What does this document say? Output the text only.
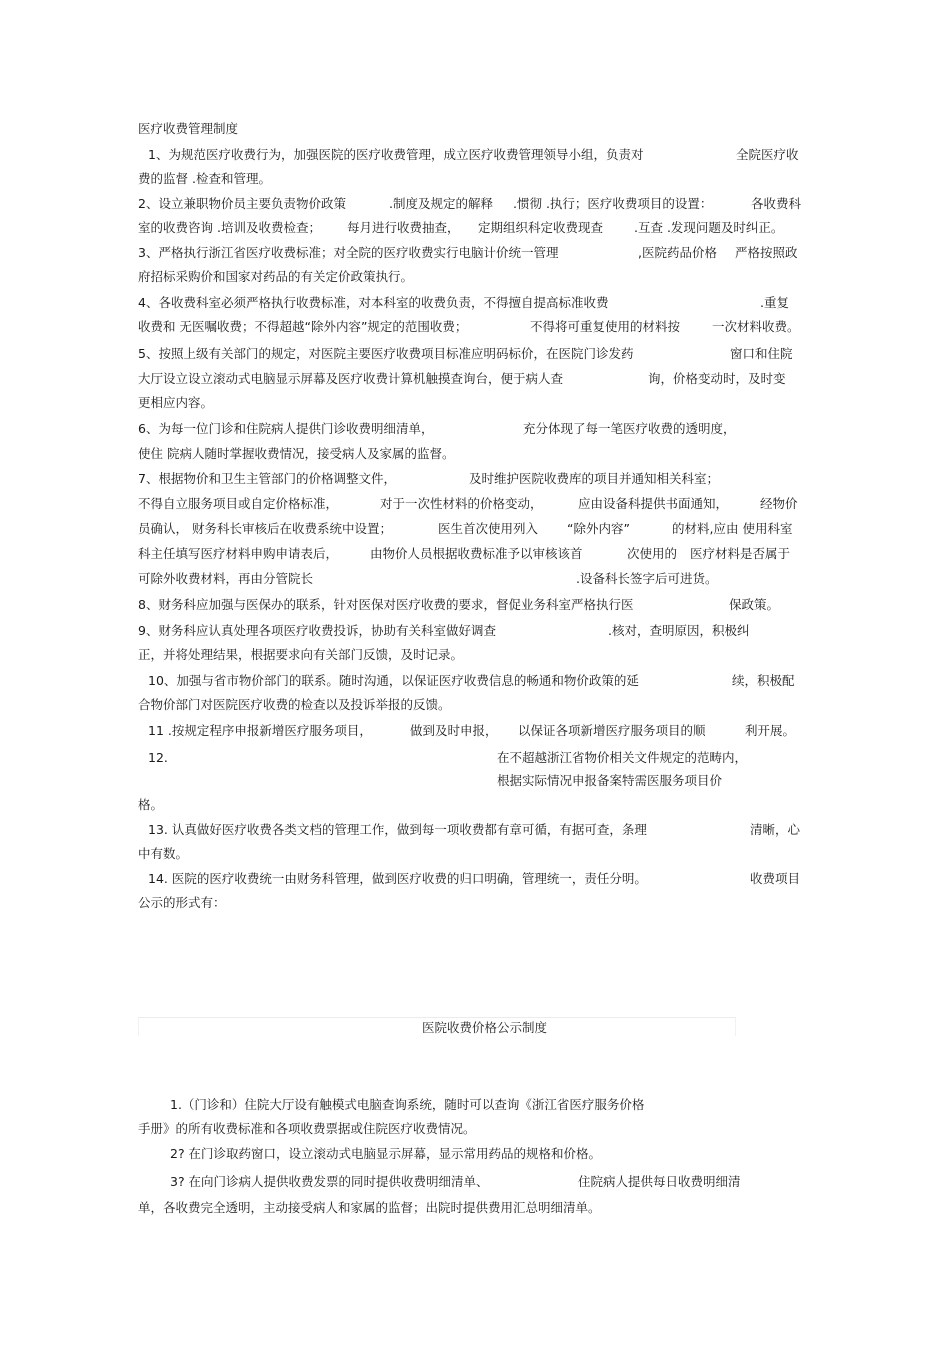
医疗收费管理制度
1、为规范医疗收费行为，加强医院的医疗收费管理，成立医疗收费管理领导小组，负责对	全院医疗收
费的监督 .检查和管理。
2、设立兼职物价员主要负责物价政策	.制度及规定的解释 .惯彻 .执行；医疗收费项目的设置：	各收费科
室的收费咨询 .培训及收费检查； 每月进行收费抽查， 定期组织科定收费现查 .互查 .发现问题及时纠正。
3、严格执行浙江省医疗收费标准；对全院的医疗收费实行电脑计价统一管理	,医院药品价格 严格按照政
府招标采购价和国家对药品的有关定价政策执行。
4、各收费科室必须严格执行收费标准，对本科室的收费负责，不得擅自提高标准收费	.重复
收费和 无医嘱收费；不得超越“除外内容”规定的范围收费；	不得将可重复使用的材料按	一次材料收费。
5、按照上级有关部门的规定，对医院主要医疗收费项目标准应明码标价，在医院门诊发药	窗口和住院
大厅设立设立滚动式电脑显示屏幕及医疗收费计算机触摸查询台，便于病人查	询，价格变动时，及时变
更相应内容。
6、为每一位门诊和住院病人提供门诊收费明细清单，	充分体现了每一笔医疗收费的透明度，
使住 院病人随时掌握收费情况，接受病人及家属的监督。
7、根据物价和卫生主管部门的价格调整文件，	及时维护医院收费库的项目并通知相关科室；
不得自立服务项目或自定价格标准，	对于一次性材料的价格变动，	应由设备科提供书面通知，	经物价
员确认， 财务科长审核后在收费系统中设置；	医生首次使用列入 “除外内容”	的材料,应由 使用科室
科主任填写医疗材料申购申请表后，	由物价人员根据收费标准予以审核该首	次使用的 医疗材料是否属于
可除外收费材料，再由分管院长	.设备科长签字后可进货。
8、财务科应加强与医保办的联系，针对医保对医疗收费的要求，督促业务科室严格执行医	保政策。
9、财务科应认真处理各项医疗收费投诉，协助有关科室做好调查	.核对，查明原因，积极纠
正，并将处理结果，根据要求向有关部门反馈，及时记录。
10、加强与省市物价部门的联系。随时沟通，以保证医疗收费信息的畅通和物价政策的延	续，积极配
合物价部门对医院医疗收费的检查以及投诉举报的反馈。
11 .按规定程序申报新增医疗服务项目，	做到及时申报， 以保证各项新增医疗服务项目的顺	利开展。
12.	在不超越浙江省物价相关文件规定的范畴内，
根据实际情况申报备案特需医服务项目价
格。
13. 认真做好医疗收费各类文档的管理工作，做到每一项收费都有章可循，有据可查，条理	清晰，心
中有数。
14. 医院的医疗收费统一由财务科管理，做到医疗收费的归口明确，管理统一，责任分明。	收费项目
公示的形式有：
医院收费价格公示制度
1.（门诊和）住院大厅设有触模式电脑查询系统，随时可以查询《浙江省医疗服务价格
手册》的所有收费标准和各项收费票据或住院医疗收费情况。
2? 在门诊取药窗口，设立滚动式电脑显示屏幕，显示常用药品的规格和价格。
3? 在向门诊病人提供收费发票的同时提供收费明细清单、	住院病人提供每日收费明细清
单，各收费完全透明，主动接受病人和家属的监督；出院时提供费用汇总明细清单。
